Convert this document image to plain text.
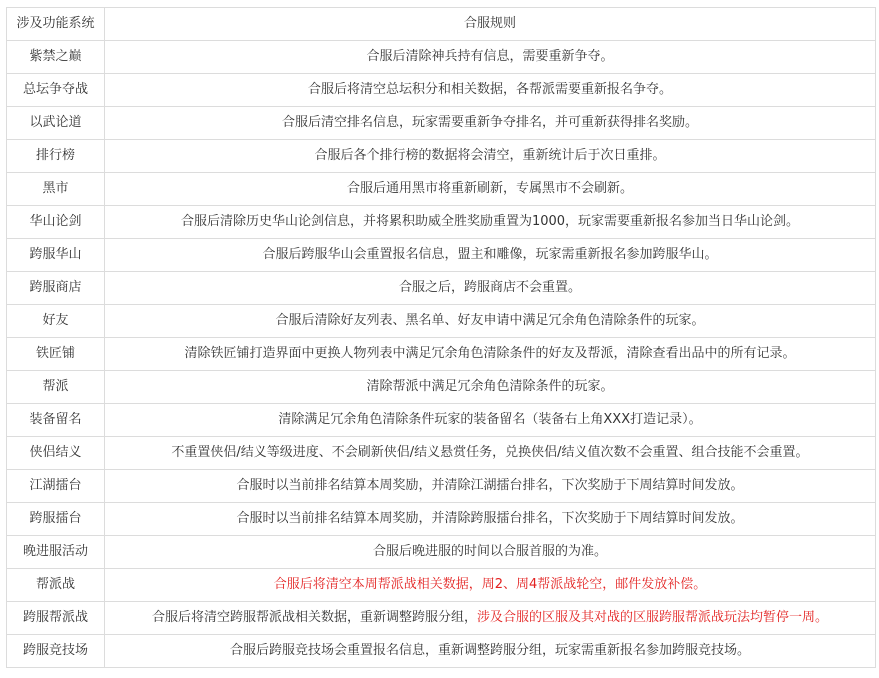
涉及功能系统	合服规则
紫禁之巅	合服后清除神兵持有信息，需要重新争夺。
总坛争夺战	合服后将清空总坛积分和相关数据，各帮派需要重新报名争夺。
以武论道	合服后清空排名信息，玩家需要重新争夺排名，并可重新获得排名奖励。
排行榜	合服后各个排行榜的数据将会清空，重新统计后于次日重排。
黑市	合服后通用黑市将重新刷新，专属黑市不会刷新。
华山论剑	合服后清除历史华山论剑信息，并将累积助威全胜奖励重置为1000，玩家需要重新报名参加当日华山论剑。
跨服华山	合服后跨服华山会重置报名信息，盟主和雕像，玩家需重新报名参加跨服华山。
跨服商店	合服之后，跨服商店不会重置。
好友	合服后清除好友列表、黑名单、好友申请中满足冗余角色清除条件的玩家。
铁匠铺	清除铁匠铺打造界面中更换人物列表中满足冗余角色清除条件的好友及帮派，清除查看出品中的所有记录。
帮派	清除帮派中满足冗余角色清除条件的玩家。
装备留名	清除满足冗余角色清除条件玩家的装备留名（装备右上角XXX打造记录）。
侠侣结义	不重置侠侣/结义等级进度、不会刷新侠侣/结义悬赏任务，兑换侠侣/结义值次数不会重置、组合技能不会重置。
江湖擂台	合服时以当前排名结算本周奖励，并清除江湖擂台排名，下次奖励于下周结算时间发放。
跨服擂台	合服时以当前排名结算本周奖励，并清除跨服擂台排名，下次奖励于下周结算时间发放。
晚进服活动	合服后晚进服的时间以合服首服的为准。
帮派战	合服后将清空本周帮派战相关数据，周2、周4帮派战轮空，邮件发放补偿。
跨服帮派战	合服后将清空跨服帮派战相关数据，重新调整跨服分组，涉及合服的区服及其对战的区服跨服帮派战玩法均暂停一周。
跨服竞技场	合服后跨服竞技场会重置报名信息，重新调整跨服分组，玩家需重新报名参加跨服竞技场。
